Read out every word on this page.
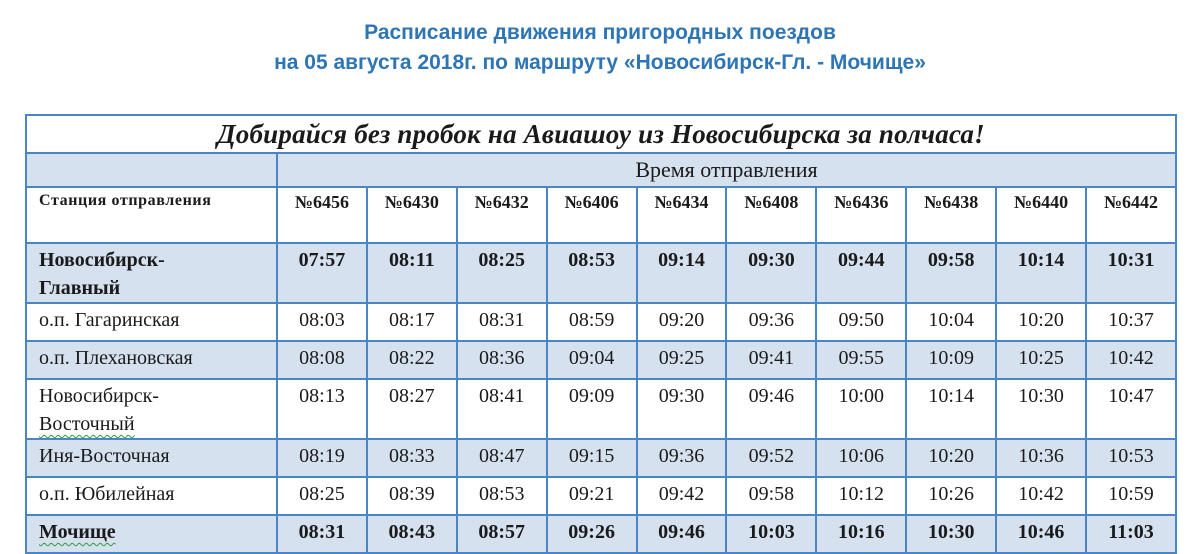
Расписание движения пригородных поездов
на 05 августа 2018г. по маршруту «Новосибирск-Гл. - Мочище»
Добирайся без пробок на Авиашоу из Новосибирска за полчаса!										
	Время отправления									
Станция отправления	№6456	№6430	№6432	№6406	№6434	№6408	№6436	№6438	№6440	№6442

Новосибирск-
Главный	07:57	08:11	08:25	08:53	09:14	09:30	09:44	09:58	10:14	10:31
о.п. Гагаринская	08:03	08:17	08:31	08:59	09:20	09:36	09:50	10:04	10:20	10:37
о.п. Плехановская	08:08	08:22	08:36	09:04	09:25	09:41	09:55	10:09	10:25	10:42

Новосибирск-
Восточный	08:13	08:27	08:41	09:09	09:30	09:46	10:00	10:14	10:30	10:47
Иня-Восточная	08:19	08:33	08:47	09:15	09:36	09:52	10:06	10:20	10:36	10:53
о.п. Юбилейная	08:25	08:39	08:53	09:21	09:42	09:58	10:12	10:26	10:42	10:59
Мочище	08:31	08:43	08:57	09:26	09:46	10:03	10:16	10:30	10:46	11:03
